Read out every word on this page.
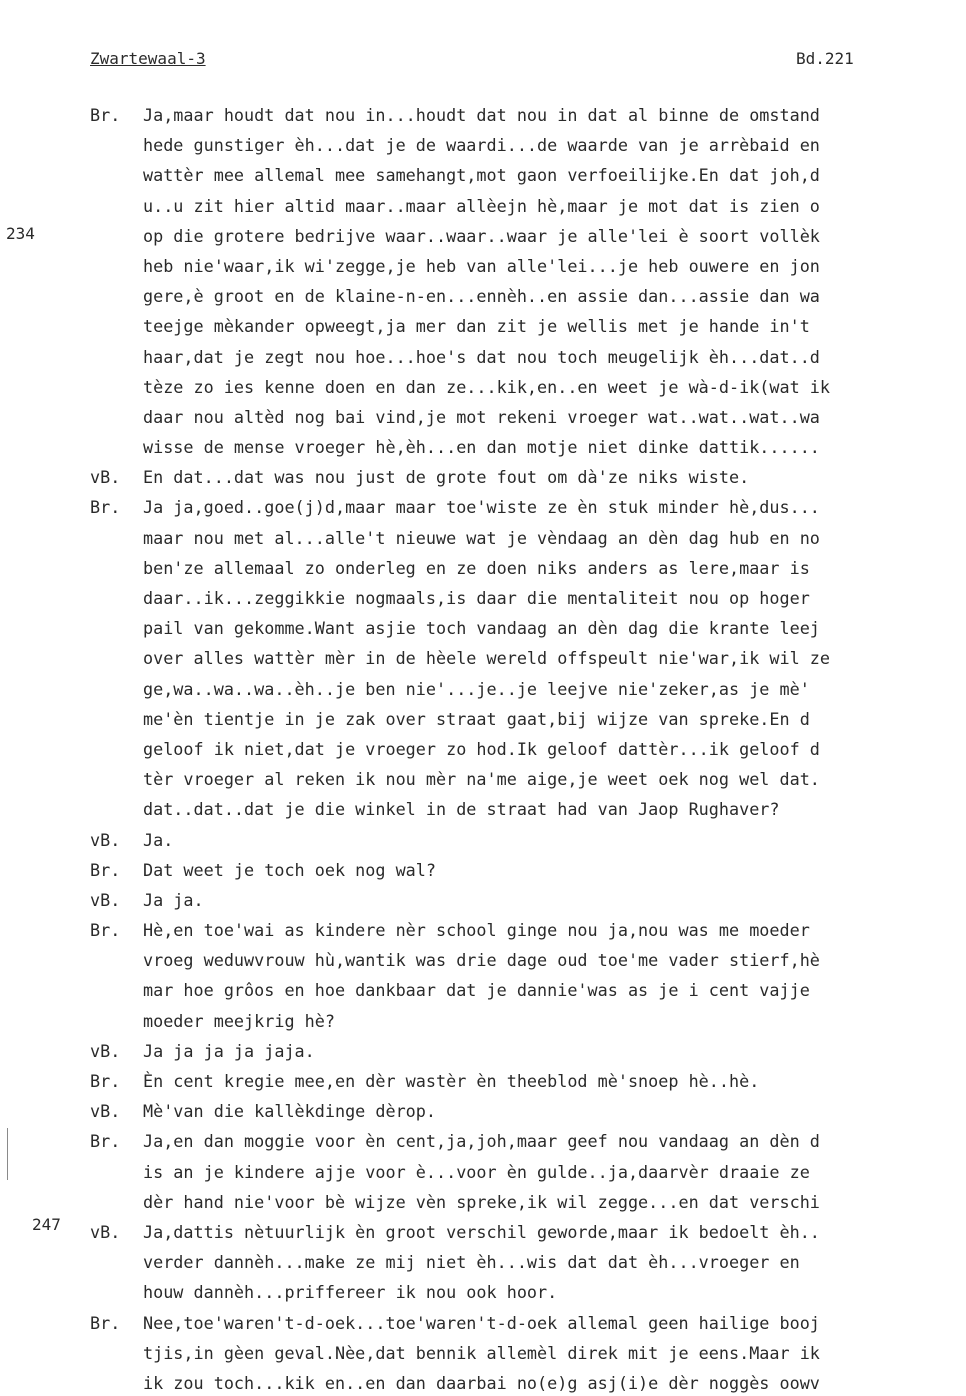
Zwartewaal-3	Bd.221
234
247
Br.	Ja,maar houdt dat nou in...houdt dat nou in dat al binne de omstand
hede gunstiger èh...dat je de waardi...de waarde van je arrèbaid en
wattèr mee allemal mee samehangt,mot gaon verfoeilijke.En dat joh,d
u..u zit hier altid maar..maar allèejn hè,maar je mot dat is zien o
op die grotere bedrijve waar..waar..waar je alle'lei è soort vollèk
heb nie'waar,ik wi'zegge,je heb van alle'lei...je heb ouwere en jon
gere,è groot en de klaine-n-en...ennèh..en assie dan...assie dan wa
teejge mèkander opweegt,ja mer dan zit je wellis met je hande in't
haar,dat je zegt nou hoe...hoe's dat nou toch meugelijk èh...dat..d
tèze zo ies kenne doen en dan ze...kik,en..en weet je wà-d-ik(wat ik
daar nou altèd nog bai vind,je mot rekeni vroeger wat..wat..wat..wa
wisse de mense vroeger hè,èh...en dan motje niet dinke dattik......
vB.	En dat...dat was nou just de grote fout om dà'ze niks wiste.
Br.	Ja ja,goed..goe(j)d,maar maar toe'wiste ze èn stuk minder hè,dus...
maar nou met al...alle't nieuwe wat je vèndaag an dèn dag hub en no
ben'ze allemaal zo onderleg en ze doen niks anders as lere,maar is
daar..ik...zeggikkie nogmaals,is daar die mentaliteit nou op hoger
pail van gekomme.Want asjie toch vandaag an dèn dag die krante leej
over alles wattèr mèr in de hèele wereld offspeult nie'war,ik wil ze
ge,wa..wa..wa..èh..je ben nie'...je..je leejve nie'zeker,as je mè'
me'èn tientje in je zak over straat gaat,bij wijze van spreke.En d
geloof ik niet,dat je vroeger zo hod.Ik geloof dattèr...ik geloof d
tèr vroeger al reken ik nou mèr na'me aige,je weet oek nog wel dat.
dat..dat..dat je die winkel in de straat had van Jaop Rughaver?
vB.	Ja.
Br.	Dat weet je toch oek nog wal?
vB.	Ja ja.
Br.	Hè,en toe'wai as kindere nèr school ginge nou ja,nou was me moeder
vroeg weduwvrouw hù,wantik was drie dage oud toe'me vader stierf,hè
mar hoe grôos en hoe dankbaar dat je dannie'was as je i cent vajje
moeder meejkrig hè?
vB.	Ja ja ja ja jaja.
Br.	Èn cent kregie mee,en dèr wastèr èn theeblod mè'snoep hè..hè.
vB.	Mè'van die kallèkdinge dèrop.
Br.	Ja,en dan moggie voor èn cent,ja,joh,maar geef nou vandaag an dèn d
is an je kindere ajje voor è...voor èn gulde..ja,daarvèr draaie ze
dèr hand nie'voor bè wijze vèn spreke,ik wil zegge...en dat verschi
vB.	Ja,dattis nètuurlijk èn groot verschil geworde,maar ik bedoelt èh..
verder dannèh...make ze mij niet èh...wis dat dat èh...vroeger en
houw dannèh...priffereer ik nou ook hoor.
Br.	Nee,toe'waren't-d-oek...toe'waren't-d-oek allemal geen hailige booj
tjis,in gèen geval.Nèe,dat bennik allemèl direk mit je eens.Maar ik
ik zou toch...kik en..en dan daarbai no(e)g asj(i)e dèr noggès oowv
